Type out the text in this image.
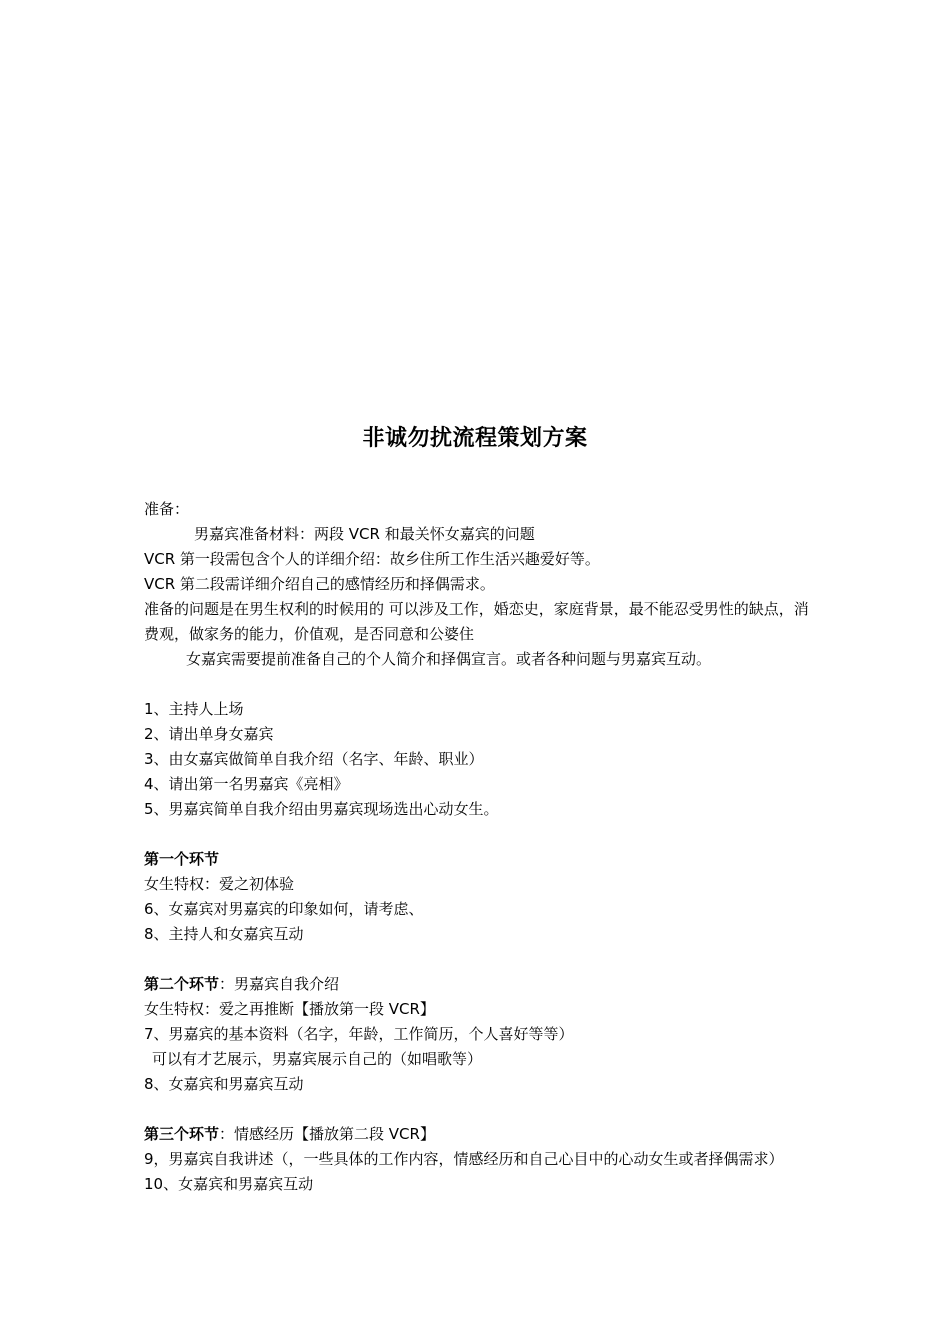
非诚勿扰流程策划方案

准备：

男嘉宾准备材料：两段 VCR 和最关怀女嘉宾的问题

VCR 第一段需包含个人的详细介绍：故乡住所工作生活兴趣爱好等。

VCR 第二段需详细介绍自己的感情经历和择偶需求。

准备的问题是在男生权利的时候用的 可以涉及工作，婚恋史，家庭背景，最不能忍受男性的缺点，消费观，做家务的能力，价值观，是否同意和公婆住

女嘉宾需要提前准备自己的个人简介和择偶宣言。或者各种问题与男嘉宾互动。

1、主持人上场

2、请出单身女嘉宾

3、由女嘉宾做简单自我介绍（名字、年龄、职业）

4、请出第一名男嘉宾《亮相》

5、男嘉宾简单自我介绍由男嘉宾现场选出心动女生。

第一个环节

女生特权：爱之初体验

6、女嘉宾对男嘉宾的印象如何，请考虑、

8、主持人和女嘉宾互动

第二个环节：男嘉宾自我介绍

女生特权：爱之再推断【播放第一段 VCR】

7、男嘉宾的基本资料（名字，年龄，工作简历，个人喜好等等）

可以有才艺展示，男嘉宾展示自己的（如唱歌等）

8、女嘉宾和男嘉宾互动

第三个环节：情感经历【播放第二段 VCR】

9，男嘉宾自我讲述（，一些具体的工作内容，情感经历和自己心目中的心动女生或者择偶需求）

10、女嘉宾和男嘉宾互动
